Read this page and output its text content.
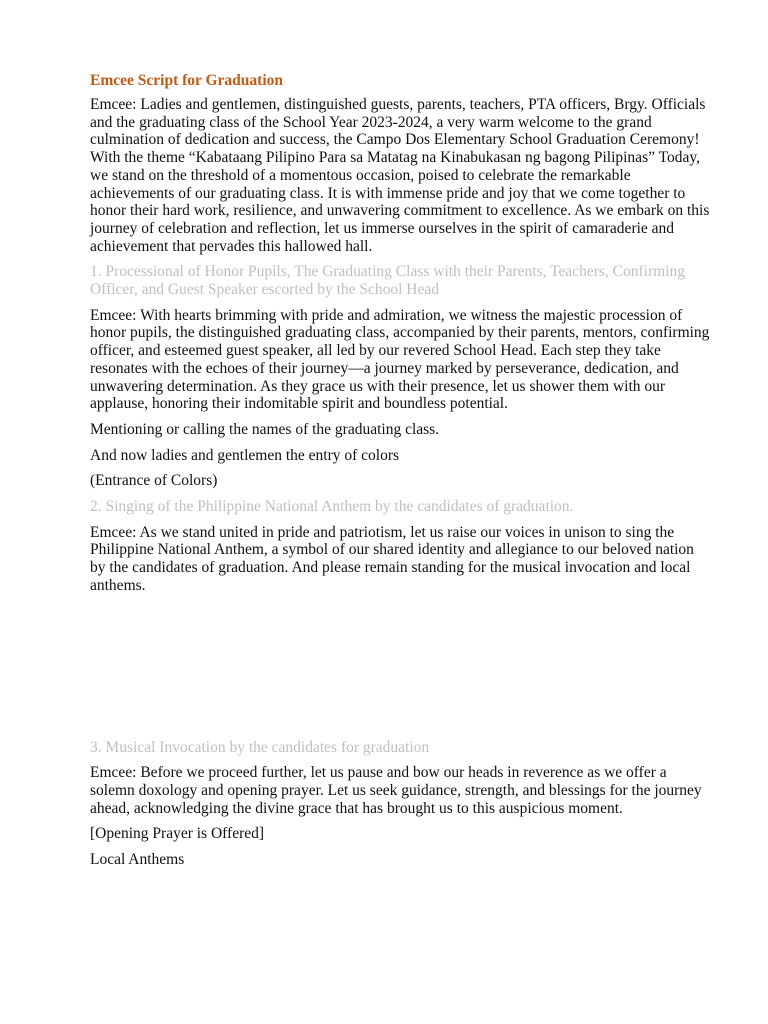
Emcee Script for Graduation

Emcee: Ladies and gentlemen, distinguished guests, parents, teachers, PTA officers, Brgy. Officials and the graduating class of the School Year 2023-2024, a very warm welcome to the grand culmination of dedication and success, the Campo Dos Elementary School Graduation Ceremony! With the theme “Kabataang Pilipino Para sa Matatag na Kinabukasan ng bagong Pilipinas” Today, we stand on the threshold of a momentous occasion, poised to celebrate the remarkable achievements of our graduating class. It is with immense pride and joy that we come together to honor their hard work, resilience, and unwavering commitment to excellence. As we embark on this journey of celebration and reflection, let us immerse ourselves in the spirit of camaraderie and achievement that pervades this hallowed hall.

1. Processional of Honor Pupils, The Graduating Class with their Parents, Teachers, Confirming Officer, and Guest Speaker escorted by the School Head

Emcee: With hearts brimming with pride and admiration, we witness the majestic procession of honor pupils, the distinguished graduating class, accompanied by their parents, mentors, confirming officer, and esteemed guest speaker, all led by our revered School Head. Each step they take resonates with the echoes of their journey—a journey marked by perseverance, dedication, and unwavering determination. As they grace us with their presence, let us shower them with our applause, honoring their indomitable spirit and boundless potential.

Mentioning or calling the names of the graduating class.

And now ladies and gentlemen the entry of colors

(Entrance of Colors)

2. Singing of the Philippine National Anthem by the candidates of graduation.

Emcee: As we stand united in pride and patriotism, let us raise our voices in unison to sing the Philippine National Anthem, a symbol of our shared identity and allegiance to our beloved nation by the candidates of graduation. And please remain standing for the musical invocation and local anthems.

3. Musical Invocation by the candidates for graduation

Emcee: Before we proceed further, let us pause and bow our heads in reverence as we offer a solemn doxology and opening prayer. Let us seek guidance, strength, and blessings for the journey ahead, acknowledging the divine grace that has brought us to this auspicious moment.

[Opening Prayer is Offered]

Local Anthems
